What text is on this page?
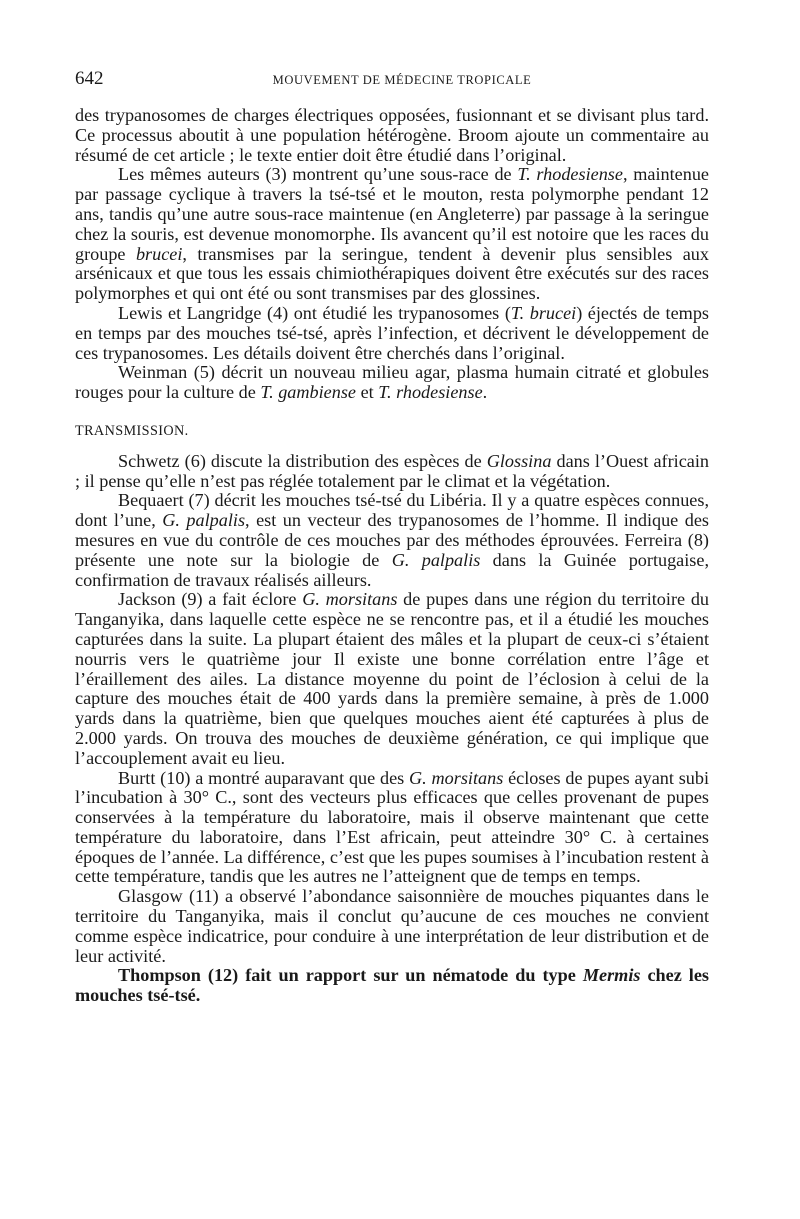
642	MOUVEMENT DE MÉDECINE TROPICALE

des trypanosomes de charges électriques opposées, fusionnant et se divisant plus tard. Ce processus aboutit à une population hétérogène. Broom ajoute un commentaire au résumé de cet article ; le texte entier doit être étudié dans l’original.

Les mêmes auteurs (3) montrent qu’une sous-race de T. rhodesiense, maintenue par passage cyclique à travers la tsé-tsé et le mouton, resta polymorphe pendant 12 ans, tandis qu’une autre sous-race maintenue (en Angleterre) par passage à la seringue chez la souris, est devenue monomorphe. Ils avancent qu’il est notoire que les races du groupe brucei, transmises par la seringue, tendent à devenir plus sensibles aux arsénicaux et que tous les essais chimiothérapiques doivent être exécutés sur des races polymorphes et qui ont été ou sont transmises par des glossines.

Lewis et Langridge (4) ont étudié les trypanosomes (T. brucei) éjectés de temps en temps par des mouches tsé-tsé, après l’infection, et décrivent le développement de ces trypanosomes. Les détails doivent être cherchés dans l’original.

Weinman (5) décrit un nouveau milieu agar, plasma humain citraté et globules rouges pour la culture de T. gambiense et T. rhodesiense.

TRANSMISSION.

Schwetz (6) discute la distribution des espèces de Glossina dans l’Ouest africain ; il pense qu’elle n’est pas réglée totalement par le climat et la végétation.

Bequaert (7) décrit les mouches tsé-tsé du Libéria. Il y a quatre espèces connues, dont l’une, G. palpalis, est un vecteur des trypanosomes de l’homme. Il indique des mesures en vue du contrôle de ces mouches par des méthodes éprouvées. Ferreira (8) présente une note sur la biologie de G. palpalis dans la Guinée portugaise, confirmation de travaux réalisés ailleurs.

Jackson (9) a fait éclore G. morsitans de pupes dans une région du territoire du Tanganyika, dans laquelle cette espèce ne se rencontre pas, et il a étudié les mouches capturées dans la suite. La plupart étaient des mâles et la plupart de ceux-ci s’étaient nourris vers le quatrième jour Il existe une bonne corrélation entre l’âge et l’éraillement des ailes. La distance moyenne du point de l’éclosion à celui de la capture des mouches était de 400 yards dans la première semaine, à près de 1.000 yards dans la quatrième, bien que quelques mouches aient été capturées à plus de 2.000 yards. On trouva des mouches de deuxième génération, ce qui implique que l’accouplement avait eu lieu.

Burtt (10) a montré auparavant que des G. morsitans écloses de pupes ayant subi l’incubation à 30° C., sont des vecteurs plus efficaces que celles provenant de pupes conservées à la température du laboratoire, mais il observe maintenant que cette température du laboratoire, dans l’Est africain, peut atteindre 30° C. à certaines époques de l’année. La différence, c’est que les pupes soumises à l’incubation restent à cette température, tandis que les autres ne l’atteignent que de temps en temps.

Glasgow (11) a observé l’abondance saisonnière de mouches piquantes dans le territoire du Tanganyika, mais il conclut qu’aucune de ces mouches ne convient comme espèce indicatrice, pour conduire à une interprétation de leur distribution et de leur activité.

Thompson (12) fait un rapport sur un nématode du type Mermis chez les mouches tsé-tsé.
